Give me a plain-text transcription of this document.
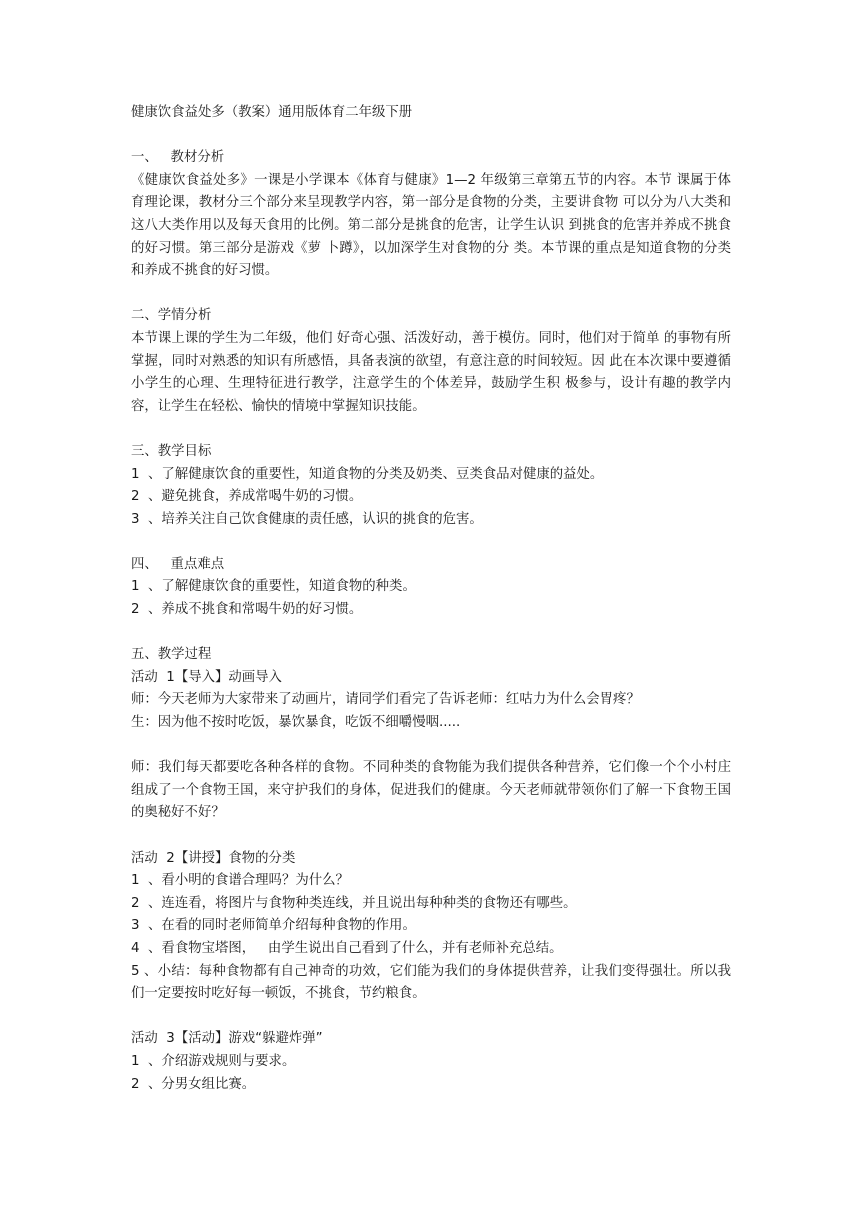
健康饮食益处多（教案）通用版体育二年级下册
一、   教材分析
《健康饮食益处多》一课是小学课本《体育与健康》1—2 年级第三章第五节的内容。本节 课属于体育理论课，教材分三个部分来呈现教学内容，第一部分是食物的分类，主要讲食物 可以分为八大类和这八大类作用以及每天食用的比例。第二部分是挑食的危害，让学生认识 到挑食的危害并养成不挑食的好习惯。第三部分是游戏《萝 卜蹲》，以加深学生对食物的分 类。本节课的重点是知道食物的分类和养成不挑食的好习惯。
二、学情分析
本节课上课的学生为二年级，他们 好奇心强、活泼好动，善于模仿。同时，他们对于简单 的事物有所掌握，同时对熟悉的知识有所感悟，具备表演的欲望，有意注意的时间较短。因 此在本次课中要遵循小学生的心理、生理特征进行教学，注意学生的个体差异，鼓励学生积 极参与，设计有趣的教学内容，让学生在轻松、愉快的情境中掌握知识技能。
三、教学目标
1  、了解健康饮食的重要性，知道食物的分类及奶类、豆类食品对健康的益处。
2  、避免挑食，养成常喝牛奶的习惯。
3  、培养关注自己饮食健康的责任感，认识的挑食的危害。
四、   重点难点
1  、了解健康饮食的重要性，知道食物的种类。
2  、养成不挑食和常喝牛奶的好习惯。
五、教学过程
活动  1【导入】动画导入
师：今天老师为大家带来了动画片，请同学们看完了告诉老师：红咕力为什么会胃疼？
生：因为他不按时吃饭，暴饮暴食，吃饭不细嚼慢咽.....
师：我们每天都要吃各种各样的食物。不同种类的食物能为我们提供各种营养，它们像一个个小村庄组成了一个食物王国，来守护我们的身体，促进我们的健康。今天老师就带领你们了解一下食物王国的奥秘好不好？
活动  2【讲授】食物的分类
1  、看小明的食谱合理吗？为什么？
2  、连连看，将图片与食物种类连线，并且说出每种种类的食物还有哪些。
3  、在看的同时老师简单介绍每种食物的作用。
4  、看食物宝塔图，   由学生说出自己看到了什么，并有老师补充总结。
5 、小结：每种食物都有自己神奇的功效，它们能为我们的身体提供营养，让我们变得强壮。所以我们一定要按时吃好每一顿饭，不挑食，节约粮食。
活动  3【活动】游戏“躲避炸弹”
1  、介绍游戏规则与要求。
2  、分男女组比赛。
